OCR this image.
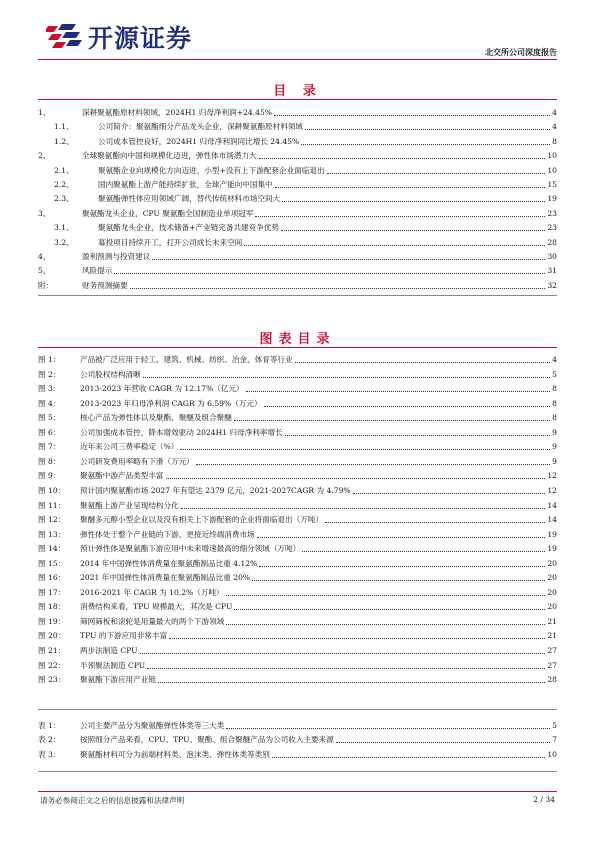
开源证券	北交所公司深度报告
目 录
1、	深耕聚氨酯原材料领域，2024H1 归母净利润+24.45%	4
1.1、	公司简介：聚氨酯细分产品龙头企业，深耕聚氨酯原材料领域	4
1.2、	公司成本管控良好，2024H1 归母净利润同比增长 24.45%	8
2、	全球聚氨酯向中国和规模化迈进，弹性体市场潜力大	10
2.1、	聚氨酯企业向规模化方向迈进，小型+没有上下游配套企业面临退出	10
2.2、	国内聚氨酯上游产能持续扩张，全球产能向中国集中	15
2.3、	聚氨酯弹性体应用领域广阔，替代传统材料市场空间大	19
3、	聚氨酯龙头企业，CPU 聚氨酯全国制造业单项冠军	23
3.1、	聚氨酯龙头企业，技术储备+产业链完备共建竞争优势	23
3.2、	募投项目持续开工，打开公司成长未来空间	28
4、	盈利预测与投资建议	30
5、	风险提示	31
附：	财务预测摘要	32
图表目录
图 1：	产品被广泛应用于轻工、建筑、机械、纺织、冶金、体育等行业	4
图 2：	公司股权结构清晰	5
图 3：	2013-2023 年营收 CAGR 为 12.17%（亿元）	8
图 4：	2013-2023 年归母净利润 CAGR 为 6.59%（万元）	8
图 5：	核心产品为弹性体以及聚酯、聚醚及组合聚醚	8
图 6：	公司加强成本管控，降本增效驱动 2024H1 归母净利率增长	9
图 7：	近年来公司三费率稳定（%）	9
图 8：	公司研发费用率略有下滑（万元）	9
图 9：	聚氨酯中游产品类型丰富	12
图 10：	预计国内聚氨酯市场 2027 年有望达 2379 亿元，2021-2027CAGR 为 4.79%	12
图 11：	聚氨酯上游产业呈现结构分化	14
图 12：	聚醚多元醇小型企业以及没有相关上下游配套的企业将面临退出（万吨）	14
图 13：	弹性体处于整个产业链的下游，更接近终端消费市场	19
图 14：	预计弹性体是聚氨酯下游应用中未来增速最高的细分领域（万吨）	19
图 15：	2014 年中国弹性体消费量在聚氨酯制品比重 4.12%	20
图 16：	2021 年中国弹性体消费量在聚氨酯制品比重 20%	20
图 17：	2016-2021 年 CAGR 为 10.2%（万吨）	20
图 18：	消费结构来看，TPU 规模最大，其次是 CPU	20
图 19：	筛网筛板和滚轮是用量最大的两个下游领域	21
图 20：	TPU 的下游应用非常丰富	21
图 21：	两步法制造 CPU	27
图 22：	半预聚法制造 CPU	27
图 23：	聚氨酯下游应用产业链	28
表 1：	公司主要产品分为聚氨酯弹性体类等三大类	5
表 2：	按照细分产品来看，CPU、TPU、聚酯、组合聚醚产品为公司收入主要来源	7
表 3：	聚氨酯材料可分为前端材料类、泡沫类、弹性体类等类别	10
请务必参阅正文之后的信息披露和法律声明	2 / 34
